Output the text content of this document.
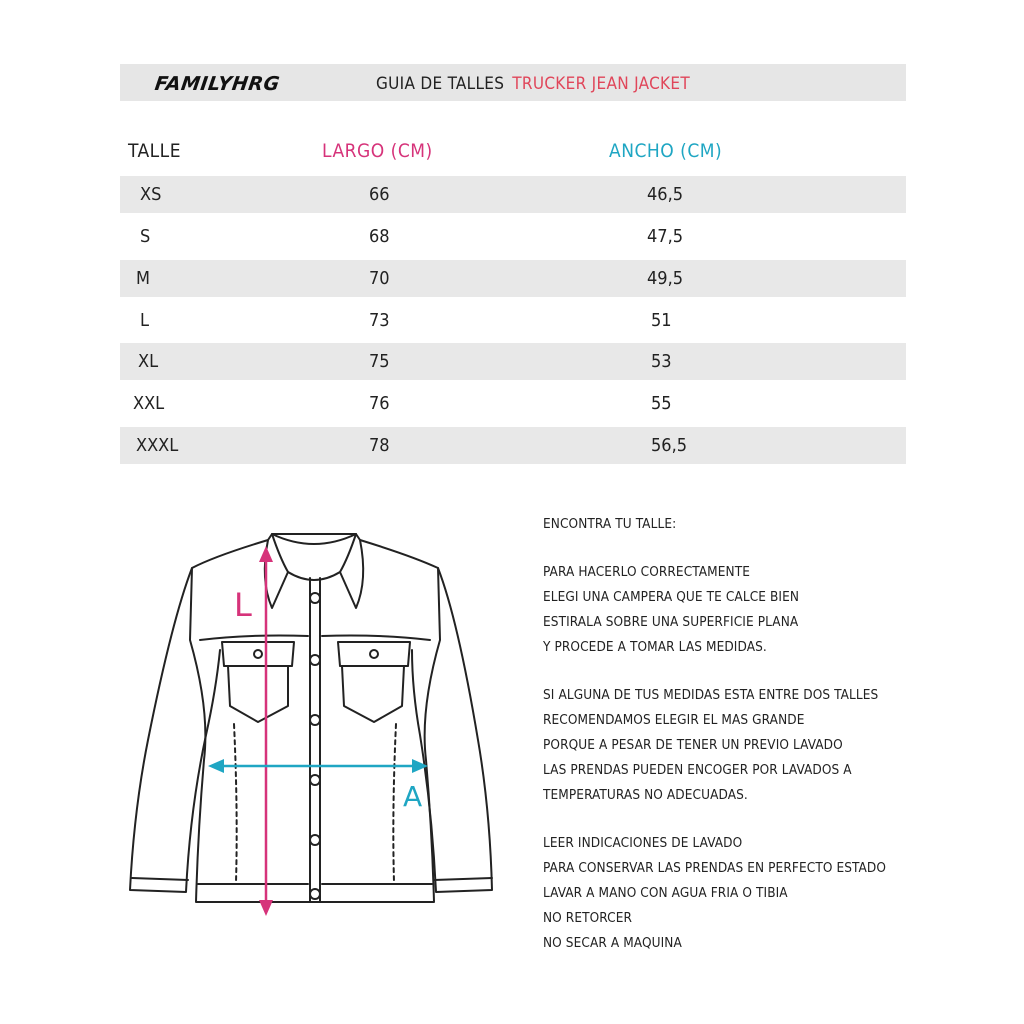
FAMILYHRG	GUIA DE TALLES TRUCKER JEAN JACKET
TALLE	LARGO (CM)	ANCHO (CM)
XS	66	46,5
S	68	47,5
M	70	49,5
L	73	51
XL	75	53
XXL	76	55
XXXL	78	56,5
L
A
ENCONTRA TU TALLE:
PARA HACERLO CORRECTAMENTE
ELEGI UNA CAMPERA QUE TE CALCE BIEN
ESTIRALA SOBRE UNA SUPERFICIE PLANA
Y PROCEDE A TOMAR LAS MEDIDAS.
SI ALGUNA DE TUS MEDIDAS ESTA ENTRE DOS TALLES
RECOMENDAMOS ELEGIR EL MAS GRANDE
PORQUE A PESAR DE TENER UN PREVIO LAVADO
LAS PRENDAS PUEDEN ENCOGER POR LAVADOS A
TEMPERATURAS NO ADECUADAS.
LEER INDICACIONES DE LAVADO
PARA CONSERVAR LAS PRENDAS EN PERFECTO ESTADO
LAVAR A MANO CON AGUA FRIA O TIBIA
NO RETORCER
NO SECAR A MAQUINA
